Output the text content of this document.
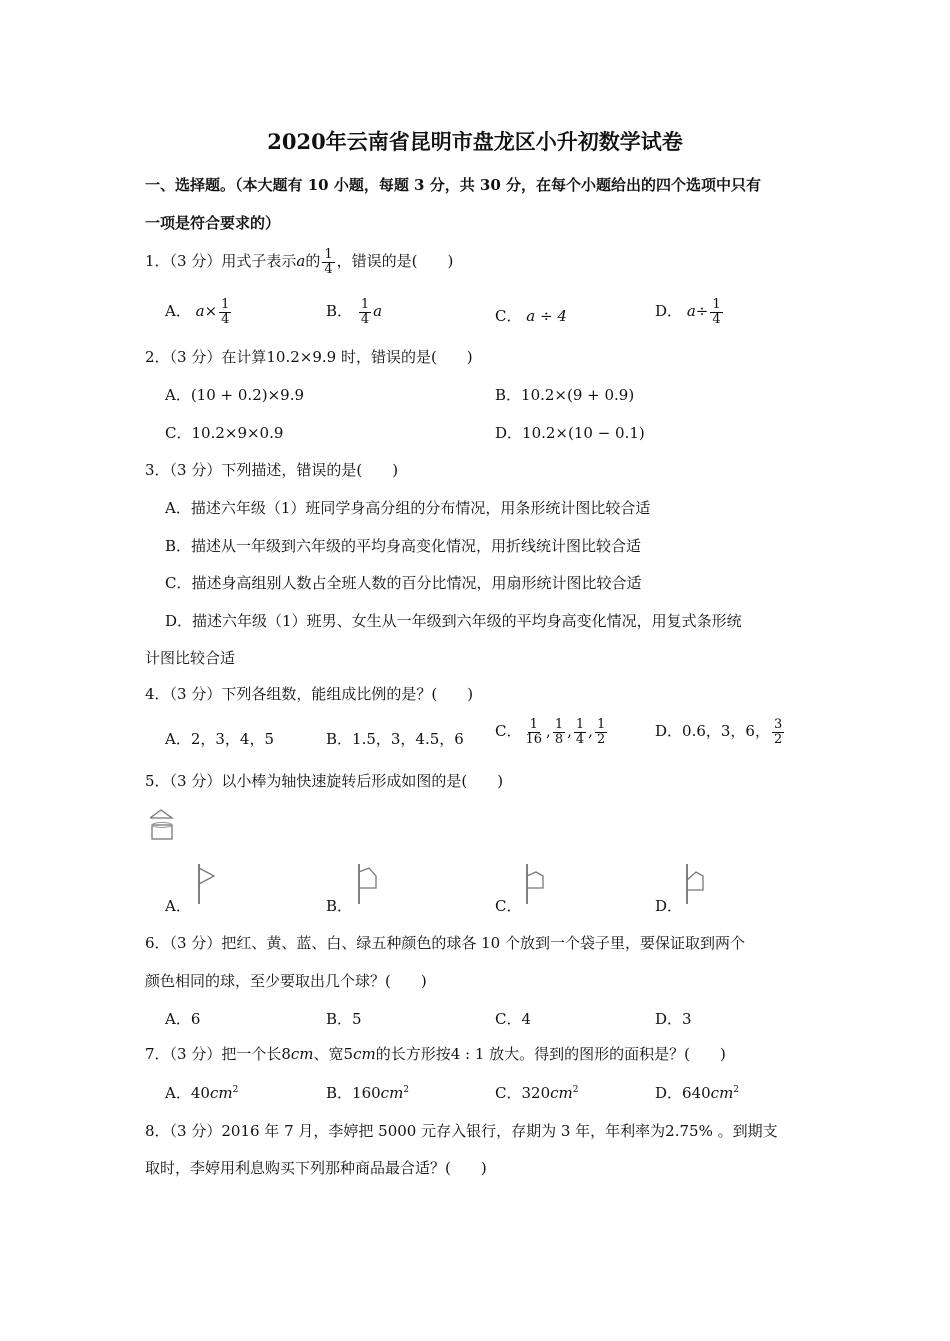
2020年云南省昆明市盘龙区小升初数学试卷
一、选择题。（本大题有 10 小题，每题 3 分，共 30 分，在每个小题给出的四个选项中只有
一项是符合要求的）
1．（3 分）用式子表示a的 $\frac{1}{4}$ ，错误的是(　　)
A． $a\times \frac{1}{4}$	B． $\frac{1}{4}$ a	C． a ÷ 4	D． $a\div \frac{1}{4}$
2．（3 分）在计算10.2×9.9 时，错误的是(　　)
A．(10 + 0.2)×9.9	B．10.2×(9 + 0.9)
C．10.2×9×0.9	D．10.2×(10 − 0.1)
3．（3 分）下列描述，错误的是(　　)
A．描述六年级（1）班同学身高分组的分布情况，用条形统计图比较合适
B．描述从一年级到六年级的平均身高变化情况，用折线统计图比较合适
C．描述身高组别人数占全班人数的百分比情况，用扇形统计图比较合适
D．描述六年级（1）班男、女生从一年级到六年级的平均身高变化情况，用复式条形统
计图比较合适
4．（3 分）下列各组数，能组成比例的是？(　　)
A．2，3，4，5	B．1.5，3，4.5，6 C． $\frac{1}{16}$ , $\frac{1}{8}$ , $\frac{1}{4}$ , $\frac{1}{2}$	D．0.6，3，6， $\frac{3}{2}$
5．（3 分）以小棒为轴快速旋转后形成如图的是(　　)
A．	B．	C．	D．
6．（3 分）把红、黄、蓝、白、绿五种颜色的球各 10 个放到一个袋子里，要保证取到两个
颜色相同的球，至少要取出几个球？(　　)
A．6	B．5	C．4	D．3
7．（3 分）把一个长8cm、宽5cm的长方形按4 : 1 放大。得到的图形的面积是？(　　)
A．$40cm^2$	B．$160cm^2$	C．$320cm^2$	D．$640cm^2$
8．（3 分）2016 年 7 月，李婷把 5000 元存入银行，存期为 3 年，年利率为2.75% 。到期支
取时，李婷用利息购买下列那种商品最合适？(　　)
